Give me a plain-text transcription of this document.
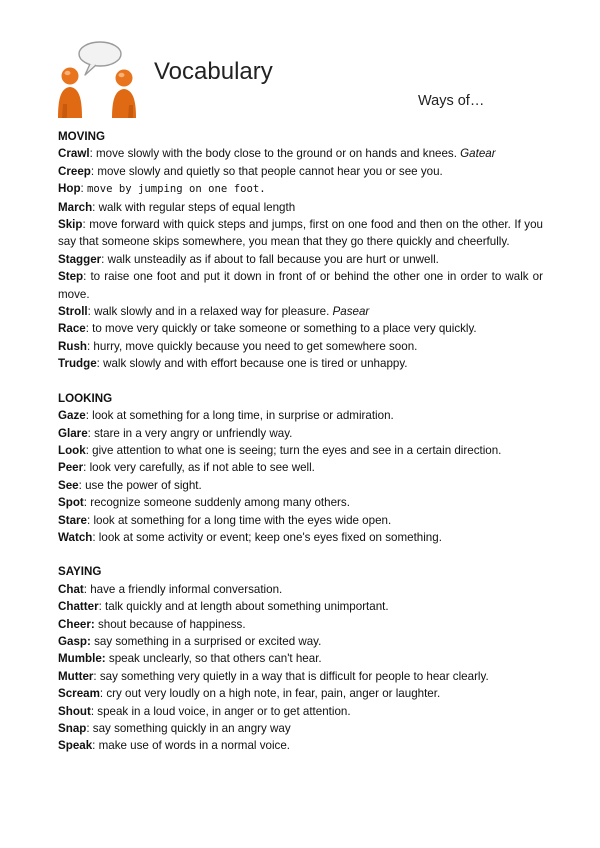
Vocabulary
Ways of…

MOVING

Crawl: move slowly with the body close to the ground or on hands and knees. Gatear

Creep: move slowly and quietly so that people cannot hear you or see you.

Hop: move by jumping on one foot.

March: walk with regular steps of equal length

Skip: move forward with quick steps and jumps, first on one food and then on the other. If you say that someone skips somewhere, you mean that they go there quickly and cheerfully.

Stagger: walk unsteadily as if about to fall because you are hurt or unwell.

Step: to raise one foot and put it down in front of or behind the other one in order to walk or move.

Stroll: walk slowly and in a relaxed way for pleasure. Pasear

Race: to move very quickly or take someone or something to a place very quickly.

Rush: hurry, move quickly because you need to get somewhere soon.

Trudge: walk slowly and with effort because one is tired or unhappy.

LOOKING

Gaze: look at something for a long time, in surprise or admiration.

Glare: stare in a very angry or unfriendly way.

Look: give attention to what one is seeing; turn the eyes and see in a certain direction.

Peer: look very carefully, as if not able to see well.

See: use the power of sight.

Spot: recognize someone suddenly among many others.

Stare: look at something for a long time with the eyes wide open.

Watch: look at some activity or event; keep one's eyes fixed on something.

SAYING

Chat: have a friendly informal conversation.

Chatter: talk quickly and at length about something unimportant.

Cheer: shout because of happiness.

Gasp: say something in a surprised or excited way.

Mumble: speak unclearly, so that others can't hear.

Mutter: say something very quietly in a way that is difficult for people to hear clearly.

Scream: cry out very loudly on a high note, in fear, pain, anger or laughter.

Shout: speak in a loud voice, in anger or to get attention.

Snap: say something quickly in an angry way

Speak: make use of words in a normal voice.
